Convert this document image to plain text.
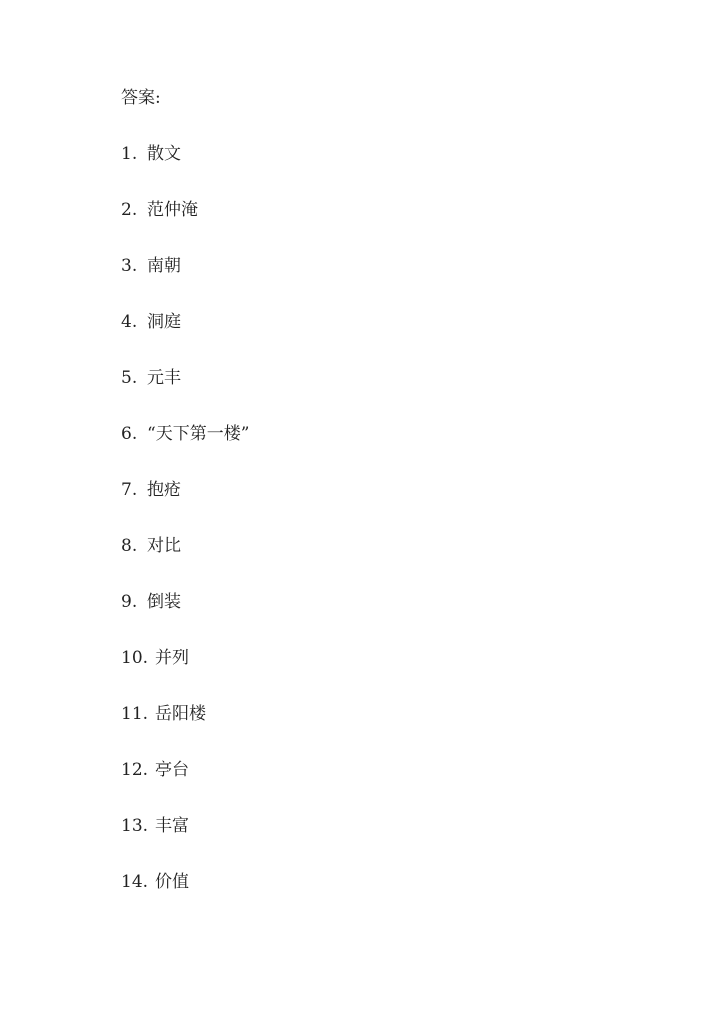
答案:
1. 散文
2. 范仲淹
3. 南朝
4. 洞庭
5. 元丰
6. “天下第一楼”
7. 抱疮
8. 对比
9. 倒装
10. 并列
11. 岳阳楼
12. 亭台
13. 丰富
14. 价值
